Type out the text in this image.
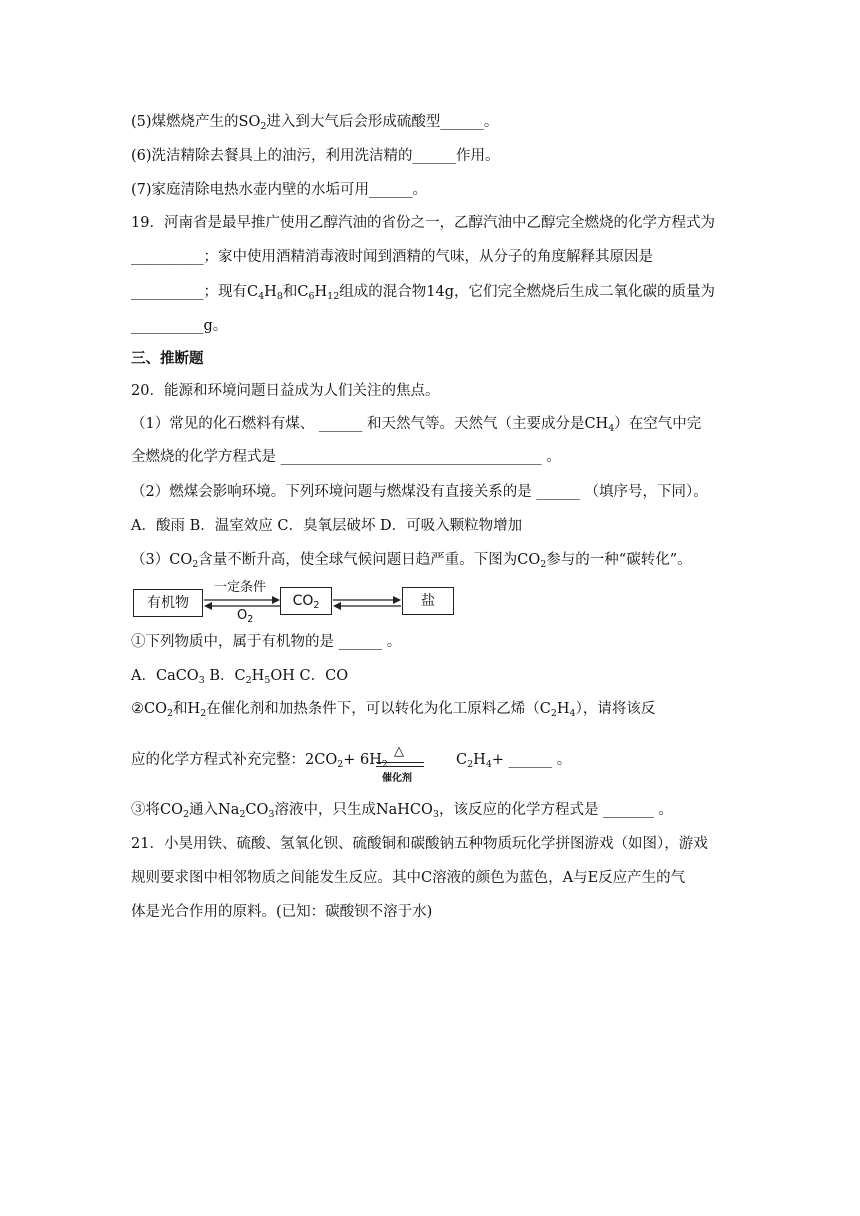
(5)煤燃烧产生的$SO_2$进入到大气后会形成硫酸型______。
(6)洗洁精除去餐具上的油污，利用洗洁精的______作用。
(7)家庭清除电热水壶内壁的水垢可用______。
19．河南省是最早推广使用乙醇汽油的省份之一，乙醇汽油中乙醇完全燃烧的化学方程式为
__________；家中使用酒精消毒液时闻到酒精的气味，从分子的角度解释其原因是
__________；现有$C_4H_8$和$C_6H_{12}$组成的混合物14g，它们完全燃烧后生成二氧化碳的质量为
__________g。
三、推断题
20．能源和环境问题日益成为人们关注的焦点。
（1）常见的化石燃料有煤、 ______ 和天然气等。天然气（主要成分是$CH_4$）在空气中完
全燃烧的化学方程式是 ____________________________________ 。
（2）燃煤会影响环境。下列环境问题与燃煤没有直接关系的是 ______ （填序号，下同）。
A．酸雨 B．温室效应 C．臭氧层破坏 D．可吸入颗粒物增加
$(3)CO_2$含量不断升高，使全球气候问题日趋严重。下图为$CO_2$参与的一种“碳转化”。
有机物
一定条件
$O_2$
$CO_2$	盐
①下列物质中，属于有机物的是 ______ 。
A．CaCO$_3$ B．$C_2H_5OH$ C．CO
$②CO_2$和$H_2$在催化剂和加热条件下，可以转化为化工原料乙烯$(C_2H_4)$，请将该反
应的化学方程式补充完整：$2CO_2+ 6H_2$
△
催化剂
$C_2H_4+$ ______ 。
③将$CO_2$通入$Na_2CO_3$溶液中，只生成NaHCO$_3$，该反应的化学方程式是 _______ 。
21．小昊用铁、硫酸、氢氧化钡、硫酸铜和碳酸钠五种物质玩化学拼图游戏（如图），游戏
规则要求图中相邻物质之间能发生反应。其中C溶液的颜色为蓝色，A与E反应产生的气
体是光合作用的原料。(已知：碳酸钡不溶于水)
